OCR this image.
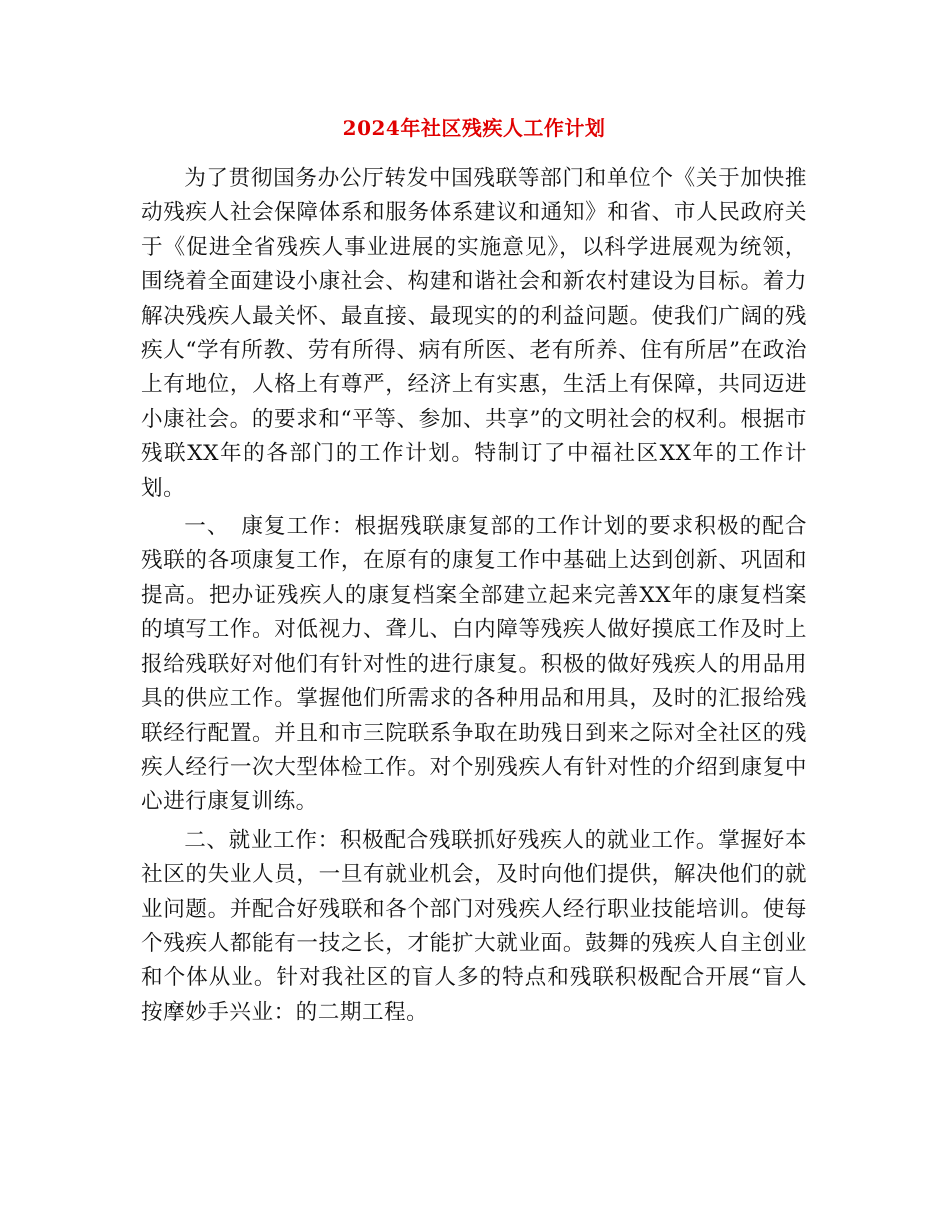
2024年社区残疾人工作计划

为了贯彻国务办公厅转发中国残联等部门和单位个《关于加快推动残疾人社会保障体系和服务体系建议和通知》和省、市人民政府关于《促进全省残疾人事业进展的实施意见》，以科学进展观为统领，围绕着全面建设小康社会、构建和谐社会和新农村建设为目标。着力解决残疾人最关怀、最直接、最现实的的利益问题。使我们广阔的残疾人“学有所教、劳有所得、病有所医、老有所养、住有所居”在政治上有地位，人格上有尊严，经济上有实惠，生活上有保障，共同迈进小康社会。的要求和“平等、参加、共享”的文明社会的权利。根据市残联XX年的各部门的工作计划。特制订了中福社区XX年的工作计划。

一、　康复工作：根据残联康复部的工作计划的要求积极的配合残联的各项康复工作，在原有的康复工作中基础上达到创新、巩固和提高。把办证残疾人的康复档案全部建立起来完善XX年的康复档案的填写工作。对低视力、聋儿、白内障等残疾人做好摸底工作及时上报给残联好对他们有针对性的进行康复。积极的做好残疾人的用品用具的供应工作。掌握他们所需求的各种用品和用具，及时的汇报给残联经行配置。并且和市三院联系争取在助残日到来之际对全社区的残疾人经行一次大型体检工作。对个别残疾人有针对性的介绍到康复中心进行康复训练。

二、就业工作：积极配合残联抓好残疾人的就业工作。掌握好本社区的失业人员，一旦有就业机会，及时向他们提供，解决他们的就业问题。并配合好残联和各个部门对残疾人经行职业技能培训。使每个残疾人都能有一技之长，才能扩大就业面。鼓舞的残疾人自主创业和个体从业。针对我社区的盲人多的特点和残联积极配合开展“盲人按摩妙手兴业：的二期工程。
